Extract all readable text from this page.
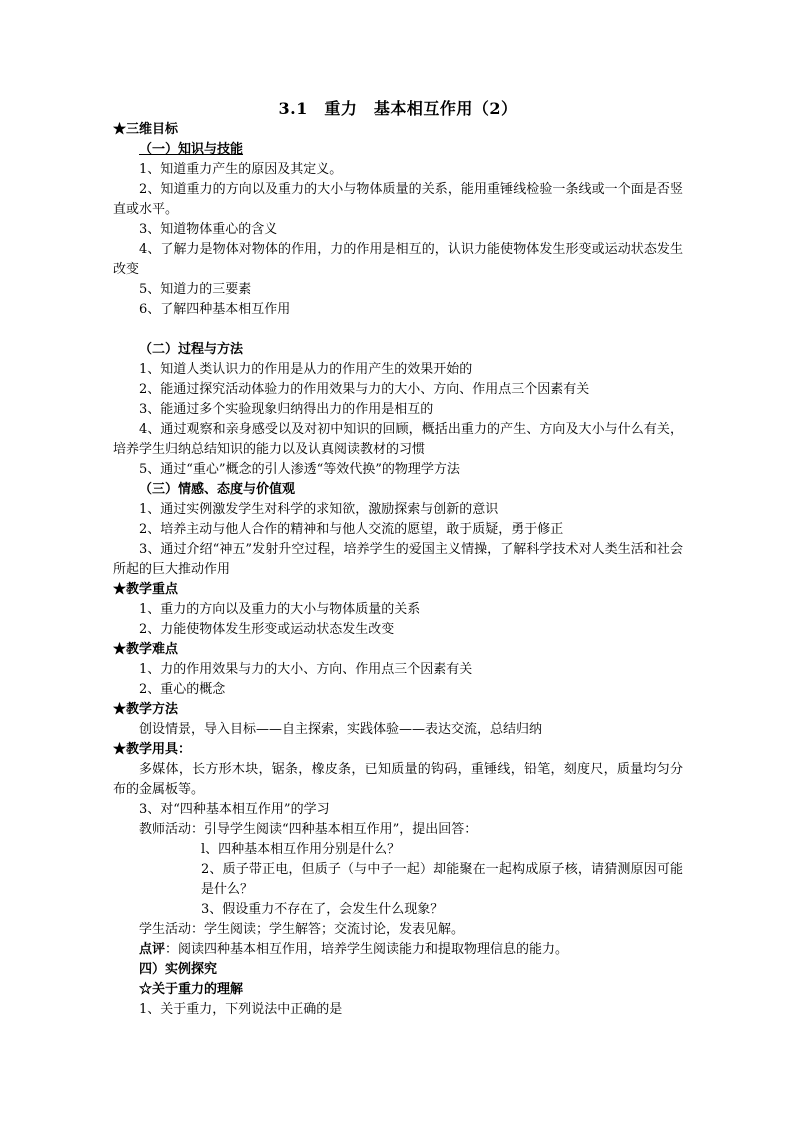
3.1　重力　基本相互作用（2）
★三维目标
（一）知识与技能
1、知道重力产生的原因及其定义。
2、知道重力的方向以及重力的大小与物体质量的关系，能用重锤线检验一条线或一个面是否竖直或水平。
3、知道物体重心的含义
4、了解力是物体对物体的作用，力的作用是相互的，认识力能使物体发生形变或运动状态发生改变
5、知道力的三要素
6、了解四种基本相互作用
（二）过程与方法
1、知道人类认识力的作用是从力的作用产生的效果开始的
2、能通过探究活动体验力的作用效果与力的大小、方向、作用点三个因素有关
3、能通过多个实验现象归纳得出力的作用是相互的
4、通过观察和亲身感受以及对初中知识的回顾，概括出重力的产生、方向及大小与什么有关，培养学生归纳总结知识的能力以及认真阅读教材的习惯
5、通过“重心”概念的引人渗透“等效代换”的物理学方法
（三）情感、态度与价值观
1、通过实例激发学生对科学的求知欲，激励探索与创新的意识
2、培养主动与他人合作的精神和与他人交流的愿望，敢于质疑，勇于修正
3、通过介绍“神五”发射升空过程，培养学生的爱国主义情操，了解科学技术对人类生活和社会所起的巨大推动作用
★教学重点
1、重力的方向以及重力的大小与物体质量的关系
2、力能使物体发生形变或运动状态发生改变
★教学难点
1、力的作用效果与力的大小、方向、作用点三个因素有关
2、重心的概念
★教学方法
创设情景，导入目标——自主探索，实践体验——表达交流，总结归纳
★教学用具：
多媒体，长方形木块，锯条，橡皮条，已知质量的钩码，重锤线，铅笔，刻度尺，质量均匀分布的金属板等。
3、对“四种基本相互作用”的学习
教师活动：引导学生阅读“四种基本相互作用”，提出回答：
l、四种基本相互作用分别是什么？
2、质子带正电，但质子（与中子一起）却能聚在一起构成原子核，请猜测原因可能是什么？
3、假设重力不存在了，会发生什么现象？
学生活动：学生阅读；学生解答；交流讨论，发表见解。
点评：阅读四种基本相互作用，培养学生阅读能力和提取物理信息的能力。
四）实例探究
☆关于重力的理解
1、关于重力，下列说法中正确的是
